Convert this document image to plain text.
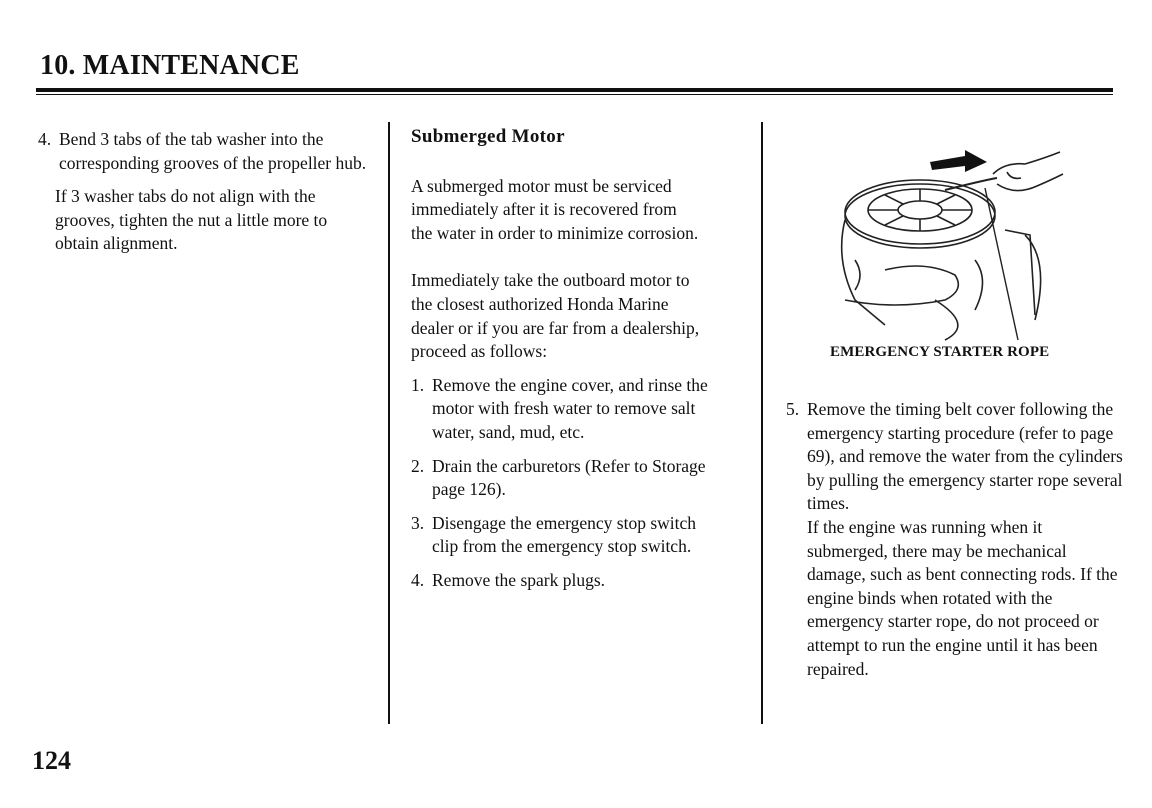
10. MAINTENANCE

4. Bend 3 tabs of the tab washer into the corresponding grooves of the propeller hub.

If 3 washer tabs do not align with the grooves, tighten the nut a little more to obtain alignment.

Submerged Motor

A submerged motor must be serviced immediately after it is recovered from the water in order to minimize corrosion.

Immediately take the outboard motor to the closest authorized Honda Marine dealer or if you are far from a dealership, proceed as follows:

1. Remove the engine cover, and rinse the motor with fresh water to remove salt water, sand, mud, etc.

2. Drain the carburetors (Refer to Storage page 126).

3. Disengage the emergency stop switch clip from the emergency stop switch.

4. Remove the spark plugs.

EMERGENCY STARTER ROPE

5. Remove the timing belt cover following the emergency starting procedure (refer to page 69), and remove the water from the cylinders by pulling the emergency starter rope several times.

If the engine was running when it submerged, there may be mechanical damage, such as bent connecting rods. If the engine binds when rotated with the emergency starter rope, do not proceed or attempt to run the engine until it has been repaired.

124
